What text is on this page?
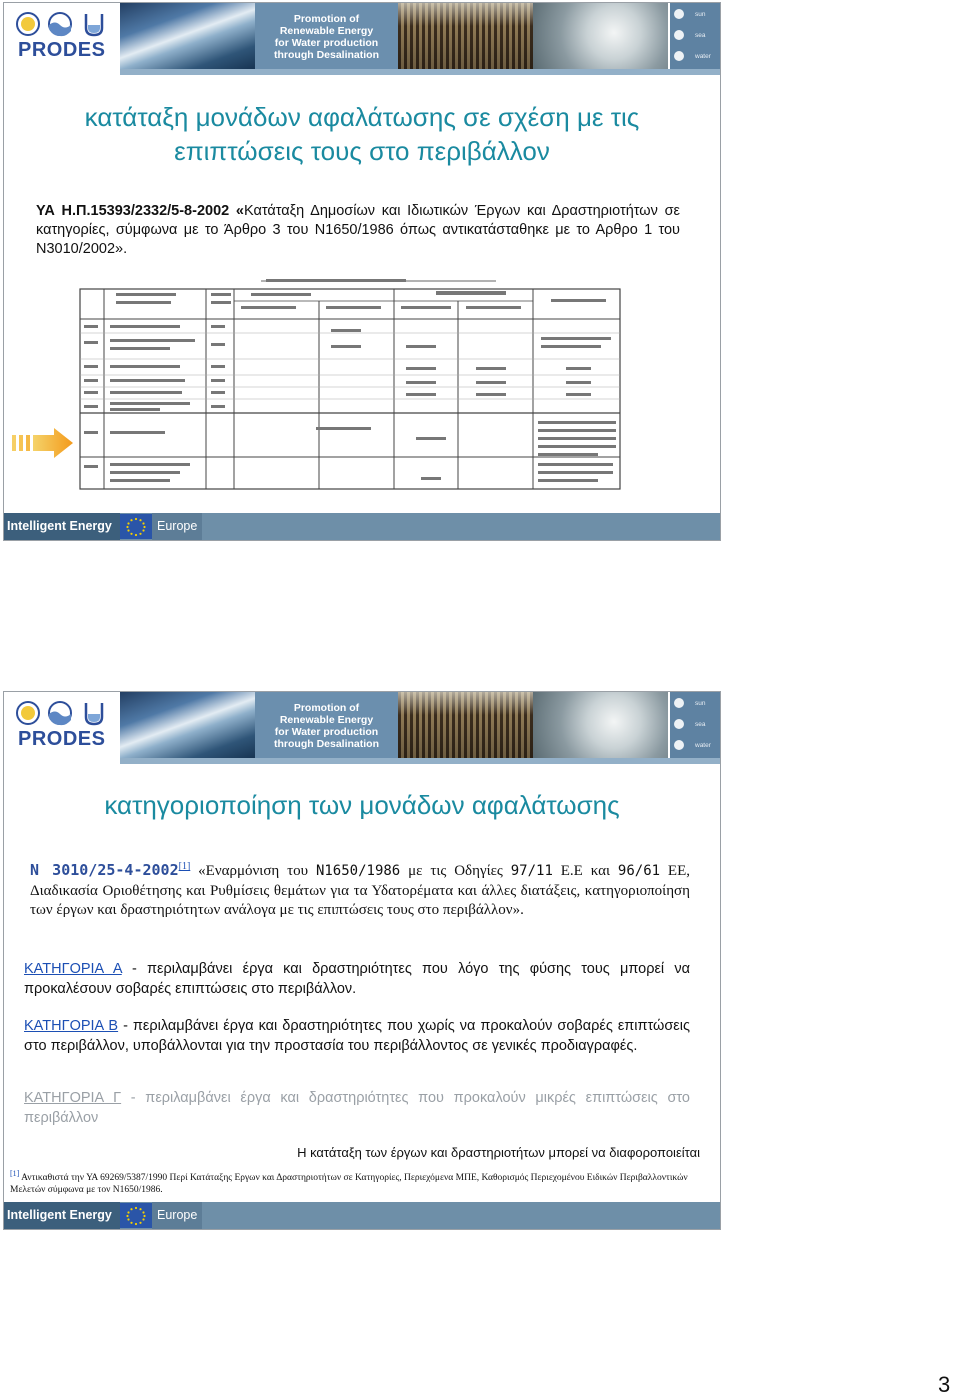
PRODES
Promotion of
Renewable Energy
for Water production
through Desalination
sun
sea
water
κατάταξη μονάδων αφαλάτωσης σε σχέση με τις
επιπτώσεις τους στο περιβάλλον
ΥΑ Η.Π.15393/2332/5-8-2002 «Κατάταξη Δημοσίων και Ιδιωτικών Έργων και Δραστηριοτήτων σε κατηγορίες, σύμφωνα με το Άρθρο 3 του Ν1650/1986 όπως αντικατάσταθηκε με το Αρθρο 1 του Ν3010/2002».
Intelligent Energy	Europe
PRODES
Promotion of
Renewable Energy
for Water production
through Desalination
sun
sea
water
κατηγοριοποίηση των μονάδων αφαλάτωσης
Ν 3010/25-4-2002[1] «Εναρμόνιση του Ν1650/1986 με τις Οδηγίες 97/11 Ε.Ε και 96/61 ΕΕ, Διαδικασία Οριοθέτησης και Ρυθμίσεις θεμάτων για τα Υδατορέματα και άλλες διατάξεις, κατηγοριοποίηση των έργων και δραστηριότητων ανάλογα με τις επιπτώσεις τους στο περιβάλλον».
ΚΑΤΗΓΟΡΙΑ Α - περιλαμβάνει έργα και δραστηριότητες που λόγο της φύσης τους μπορεί να προκαλέσουν σοβαρές επιπτώσεις στο περιβάλλον.
ΚΑΤΗΓΟΡΙΑ Β - περιλαμβάνει έργα και δραστηριότητες που χωρίς να προκαλούν σοβαρές επιπτώσεις στο περιβάλλον, υποβάλλονται για την προστασία του περιβάλλοντος σε γενικές προδιαγραφές.
ΚΑΤΗΓΟΡΙΑ Γ - περιλαμβάνει έργα και δραστηριότητες που προκαλούν μικρές επιπτώσεις στο περιβάλλον
Η κατάταξη των έργων και δραστηριοτήτων μπορεί να διαφοροποιείται
[1] Αντικαθιστά την ΥΑ 69269/5387/1990 Περί Κατάταξης Εργων και Δραστηριοτήτων σε Κατηγορίες, Περιεχόμενα ΜΠΕ, Καθορισμός Περιεχομένου Ειδικών Περιβαλλοντικών Μελετών σύμφωνα με τον Ν1650/1986.
Intelligent Energy	Europe
3
